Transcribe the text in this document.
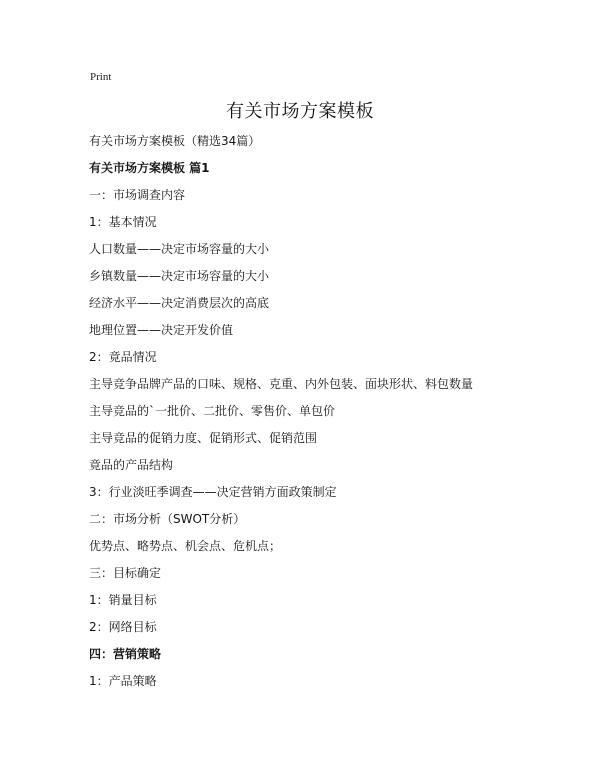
Print
有关市场方案模板
有关市场方案模板（精选34篇）
有关市场方案模板 篇1
一：市场调查内容
1：基本情况
人口数量——决定市场容量的大小
乡镇数量——决定市场容量的大小
经济水平——决定消费层次的高底
地理位置——决定开发价值
2：竟品情况
主导竞争品牌产品的口味、规格、克重、内外包装、面块形状、料包数量
主导竞品的`一批价、二批价、零售价、单包价
主导竞品的促销力度、促销形式、促销范围
竟品的产品结构
3：行业淡旺季调查——决定营销方面政策制定
二：市场分析（SWOT分析）
优势点、略势点、机会点、危机点；
三：目标确定
1：销量目标
2：网络目标
四：营销策略
1：产品策略
